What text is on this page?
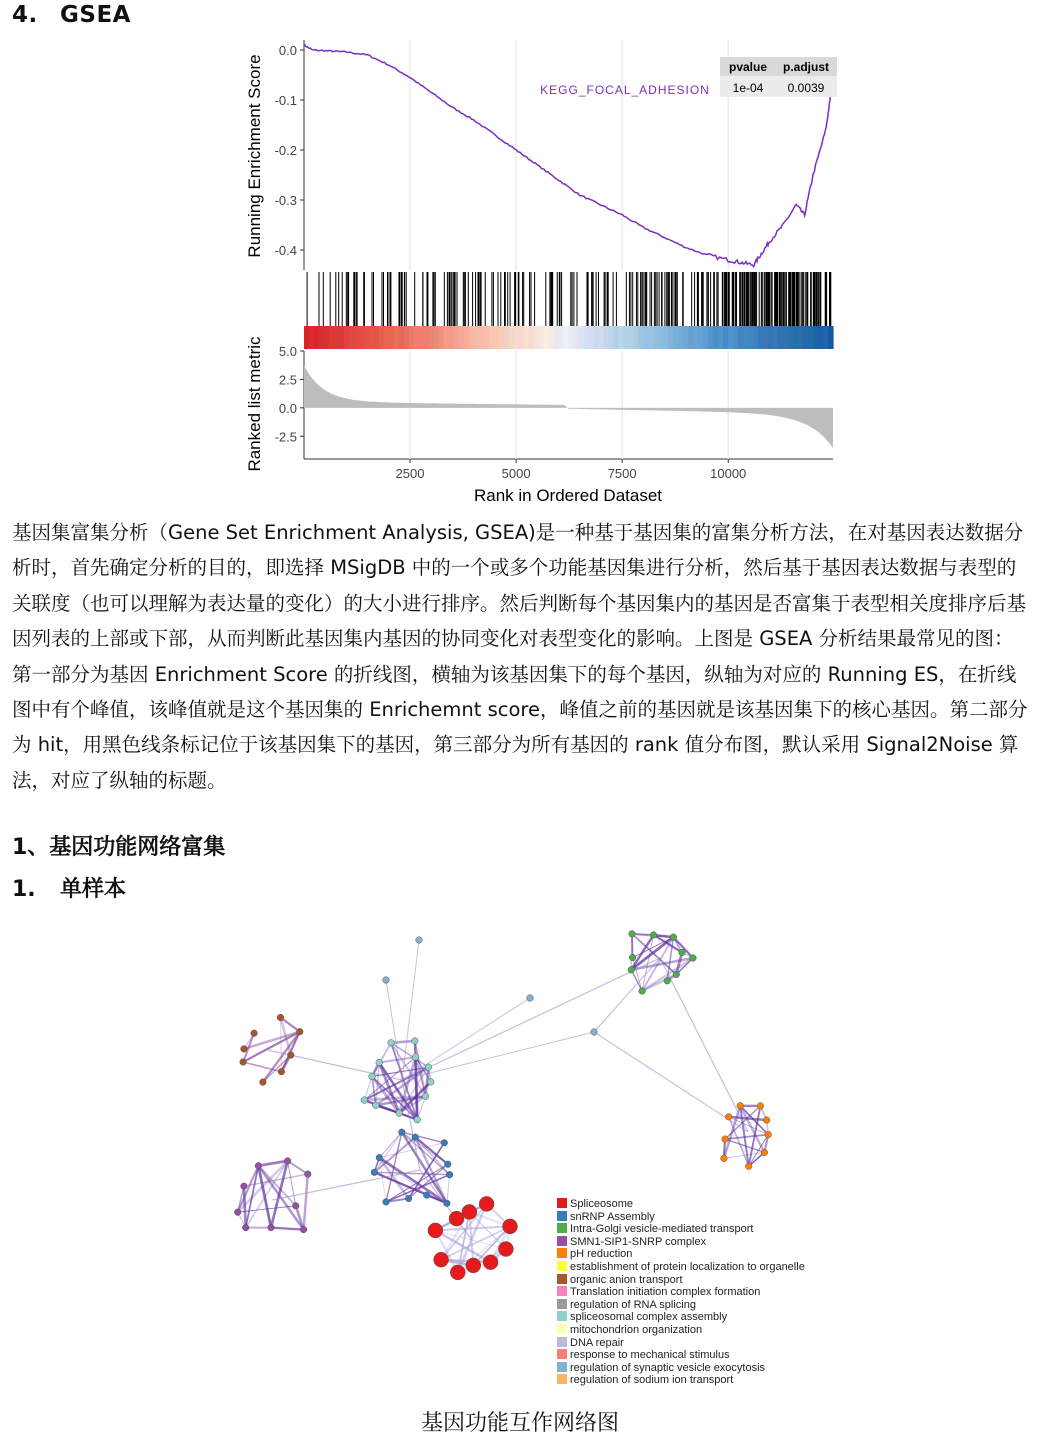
4. GSEA
0.0
-0.1
-0.2
-0.3
-0.4
5.0
2.5
0.0
-2.5
2500	5000	7500	10000
Running Enrichment Score
Ranked list metric
Rank in Ordered Dataset
KEGG_FOCAL_ADHESION
pvalue p.adjust
1e-04 0.0039
基因集富集分析（Gene Set Enrichment Analysis, GSEA)是一种基于基因集的富集分析方法，在对基因表达数据分析时，首先确定分析的目的，即选择 MSigDB 中的一个或多个功能基因集进行分析，然后基于基因表达数据与表型的关联度（也可以理解为表达量的变化）的大小进行排序。然后判断每个基因集内的基因是否富集于表型相关度排序后基因列表的上部或下部，从而判断此基因集内基因的协同变化对表型变化的影响。上图是 GSEA 分析结果最常见的图：第一部分为基因 Enrichment Score 的折线图，横轴为该基因集下的每个基因，纵轴为对应的 Running ES，在折线图中有个峰值，该峰值就是这个基因集的 Enrichemnt score，峰值之前的基因就是该基因集下的核心基因。第二部分为 hit，用黑色线条标记位于该基因集下的基因，第三部分为所有基因的 rank 值分布图，默认采用 Signal2Noise 算法，对应了纵轴的标题。
1、基因功能网络富集
1. 单样本
Spliceosome
snRNP Assembly
Intra-Golgi vesicle-mediated transport
SMN1-SIP1-SNRP complex
pH reduction
establishment of protein localization to organelle
organic anion transport
Translation initiation complex formation
regulation of RNA splicing
spliceosomal complex assembly
mitochondrion organization
DNA repair
response to mechanical stimulus
regulation of synaptic vesicle exocytosis
regulation of sodium ion transport
基因功能互作网络图
